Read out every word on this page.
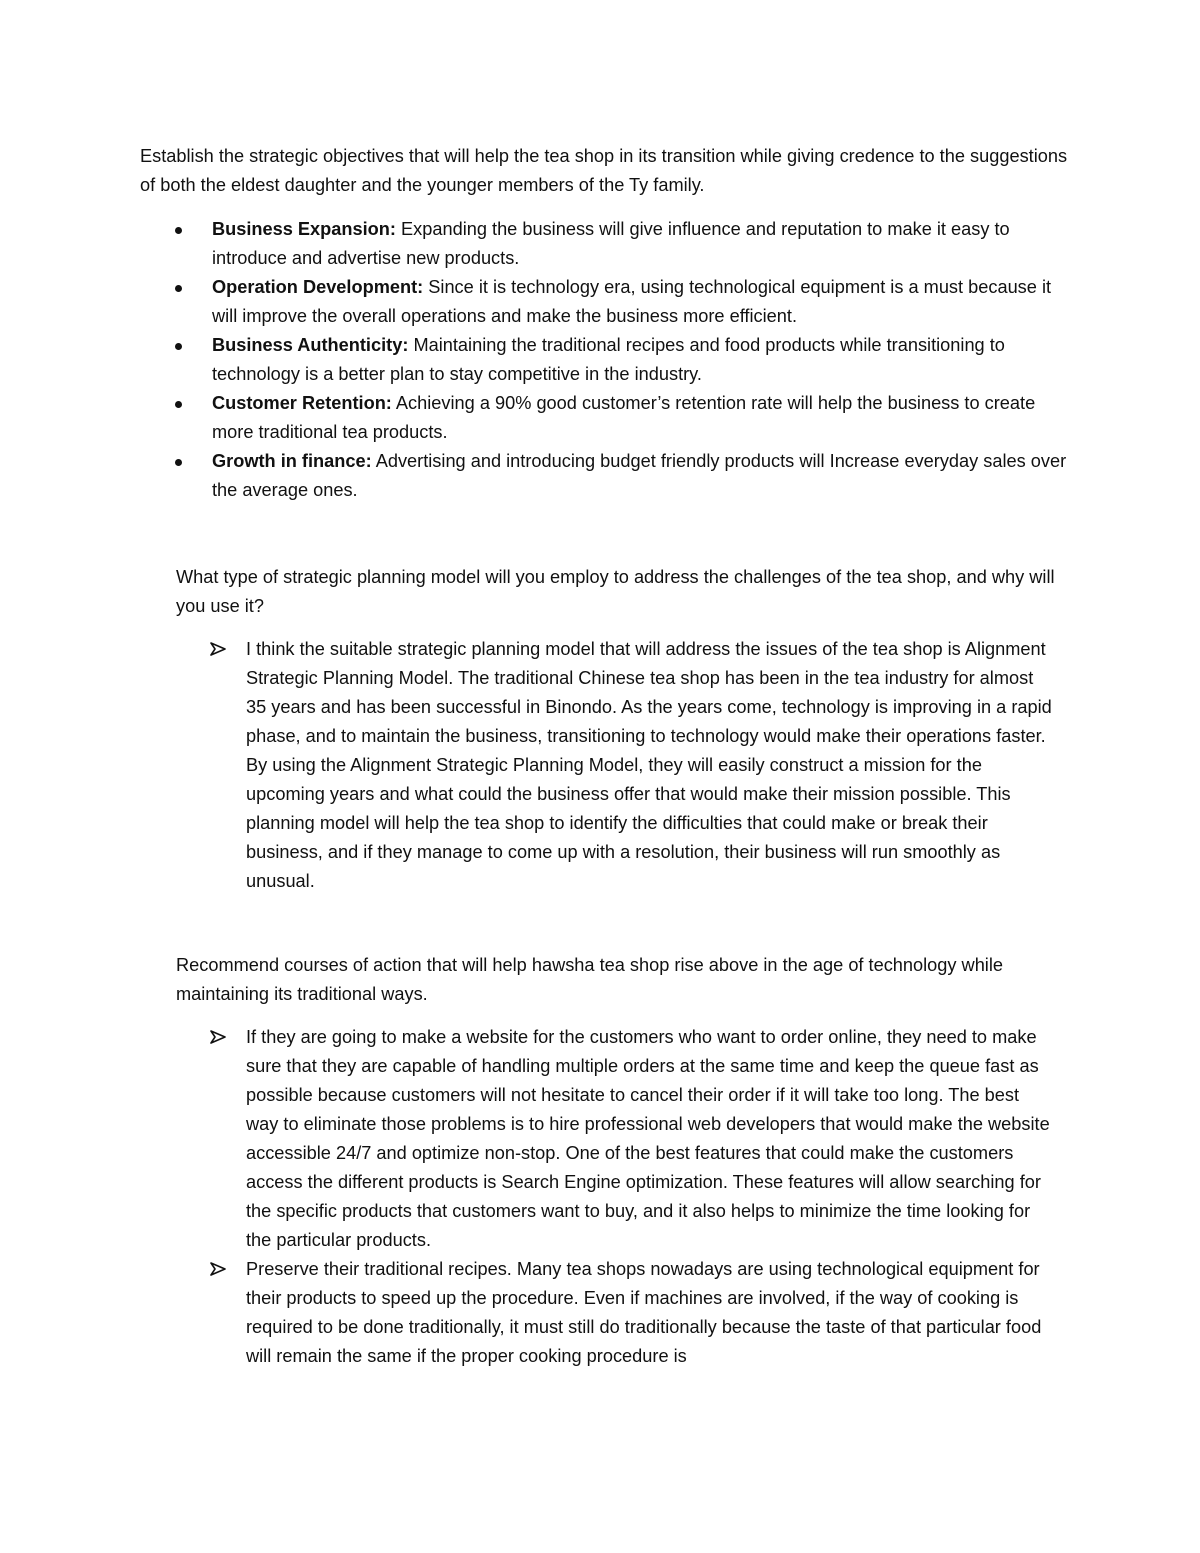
Establish the strategic objectives that will help the tea shop in its transition while giving credence to the suggestions of both the eldest daughter and the younger members of the Ty family.

Business Expansion: Expanding the business will give influence and reputation to make it easy to introduce and advertise new products.
Operation Development: Since it is technology era, using technological equipment is a must because it will improve the overall operations and make the business more efficient.
Business Authenticity: Maintaining the traditional recipes and food products while transitioning to technology is a better plan to stay competitive in the industry.
Customer Retention: Achieving a 90% good customer’s retention rate will help the business to create more traditional tea products.
Growth in finance: Advertising and introducing budget friendly products will Increase everyday sales over the average ones.

What type of strategic planning model will you employ to address the challenges of the tea shop, and why will you use it?

I think the suitable strategic planning model that will address the issues of the tea shop is Alignment Strategic Planning Model. The traditional Chinese tea shop has been in the tea industry for almost 35 years and has been successful in Binondo. As the years come, technology is improving in a rapid phase, and to maintain the business, transitioning to technology would make their operations faster. By using the Alignment Strategic Planning Model, they will easily construct a mission for the upcoming years and what could the business offer that would make their mission possible. This planning model will help the tea shop to identify the difficulties that could make or break their business, and if they manage to come up with a resolution, their business will run smoothly as unusual.

Recommend courses of action that will help hawsha tea shop rise above in the age of technology while maintaining its traditional ways.

If they are going to make a website for the customers who want to order online, they need to make sure that they are capable of handling multiple orders at the same time and keep the queue fast as possible because customers will not hesitate to cancel their order if it will take too long. The best way to eliminate those problems is to hire professional web developers that would make the website accessible 24/7 and optimize non-stop. One of the best features that could make the customers access the different products is Search Engine optimization. These features will allow searching for the specific products that customers want to buy, and it also helps to minimize the time looking for the particular products.
Preserve their traditional recipes. Many tea shops nowadays are using technological equipment for their products to speed up the procedure. Even if machines are involved, if the way of cooking is required to be done traditionally, it must still do traditionally because the taste of that particular food will remain the same if the proper cooking procedure is
